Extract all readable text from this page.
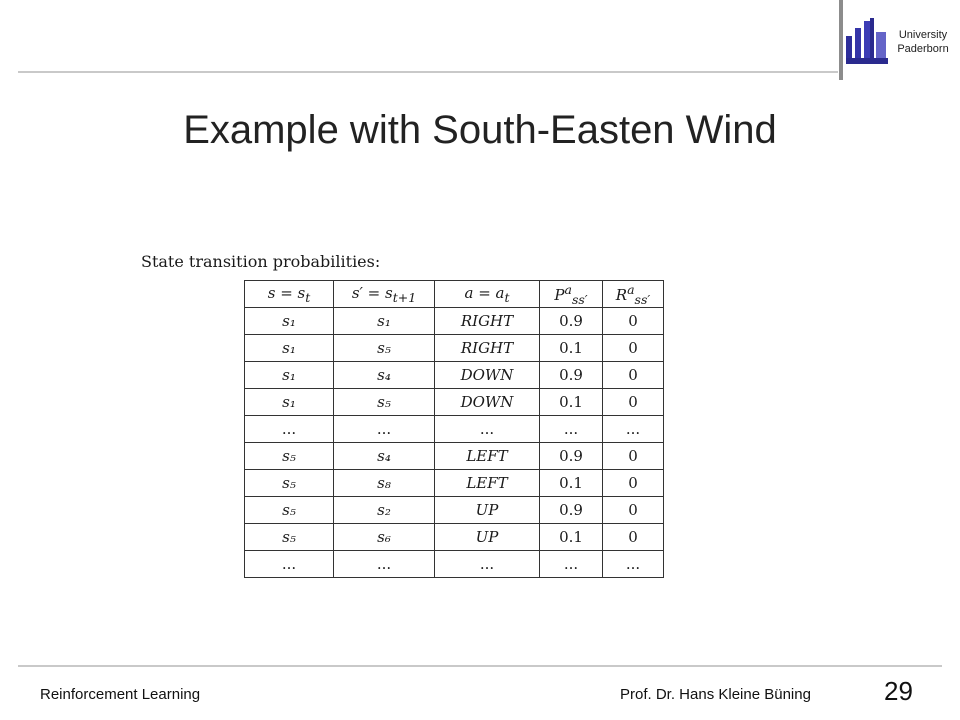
University
Paderborn
Example with South-Easten Wind
State transition probabilities:
$s = s_t$	$s' = s_{t+1}$	$a = a_t$	$P^a_{ss'}$	$R^a_{ss'}$
s₁	s₁	RIGHT	0.9	0
s₁	s₅	RIGHT	0.1	0
s₁	s₄	DOWN	0.9	0
s₁	s₅	DOWN	0.1	0
...	...	...	...	...
s₅	s₄	LEFT	0.9	0
s₅	s₈	LEFT	0.1	0
s₅	s₂	UP	0.9	0
s₅	s₆	UP	0.1	0
...	...	...	...	...
Reinforcement Learning	Prof. Dr. Hans Kleine Büning	29
